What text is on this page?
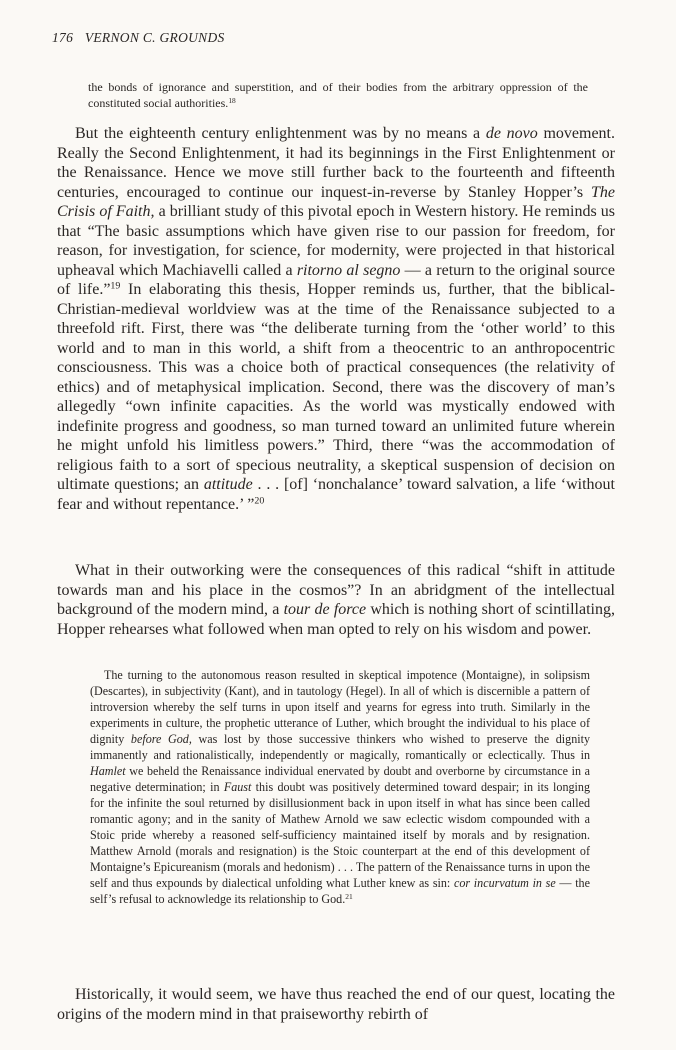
176 VERNON C. GROUNDS

the bonds of ignorance and superstition, and of their bodies from the arbitrary oppression of the constituted social authorities.$^{18}$

But the eighteenth century enlightenment was by no means a de novo movement. Really the Second Enlightenment, it had its beginnings in the First Enlightenment or the Renaissance. Hence we move still further back to the fourteenth and fifteenth centuries, encouraged to continue our inquest-in-reverse by Stanley Hopper’s The Crisis of Faith, a brilliant study of this pivotal epoch in Western history. He reminds us that “The basic assumptions which have given rise to our passion for freedom, for reason, for investigation, for science, for modernity, were projected in that historical upheaval which Machiavelli called a ritorno al segno — a return to the original source of life.”$^{19}$ In elaborating this thesis, Hopper reminds us, further, that the biblical-Christian-medieval worldview was at the time of the Renaissance subjected to a threefold rift. First, there was “the deliberate turning from the ‘other world’ to this world and to man in this world, a shift from a theocentric to an anthropocentric consciousness. This was a choice both of practical consequences (the relativity of ethics) and of metaphysical implication. Second, there was the discovery of man’s allegedly “own infinite capacities. As the world was mystically endowed with indefinite progress and goodness, so man turned toward an unlimited future wherein he might unfold his limitless powers.” Third, there “was the accommodation of religious faith to a sort of specious neutrality, a skeptical suspension of decision on ultimate questions; an attitude . . . [of] ‘nonchalance’ toward salvation, a life ‘without fear and without repentance.’ ”$^{20}$

What in their outworking were the consequences of this radical “shift in attitude towards man and his place in the cosmos”? In an abridgment of the intellectual background of the modern mind, a tour de force which is nothing short of scintillating, Hopper rehearses what followed when man opted to rely on his wisdom and power.

The turning to the autonomous reason resulted in skeptical impotence (Montaigne), in solipsism (Descartes), in subjectivity (Kant), and in tautology (Hegel). In all of which is discernible a pattern of introversion whereby the self turns in upon itself and yearns for egress into truth. Similarly in the experiments in culture, the prophetic utterance of Luther, which brought the individual to his place of dignity before God, was lost by those successive thinkers who wished to preserve the dignity immanently and rationalistically, independently or magically, romantically or eclectically. Thus in Hamlet we beheld the Renaissance individual enervated by doubt and overborne by circumstance in a negative determination; in Faust this doubt was positively determined toward despair; in its longing for the infinite the soul returned by disillusionment back in upon itself in what has since been called romantic agony; and in the sanity of Mathew Arnold we saw eclectic wisdom compounded with a Stoic pride whereby a reasoned self-sufficiency maintained itself by morals and by resignation. Matthew Arnold (morals and resignation) is the Stoic counterpart at the end of this development of Montaigne’s Epicureanism (morals and hedonism) . . . The pattern of the Renaissance turns in upon the self and thus expounds by dialectical unfolding what Luther knew as sin: cor incurvatum in se — the self’s refusal to acknowledge its relationship to God.$^{21}$

Historically, it would seem, we have thus reached the end of our quest, locating the origins of the modern mind in that praiseworthy rebirth of
